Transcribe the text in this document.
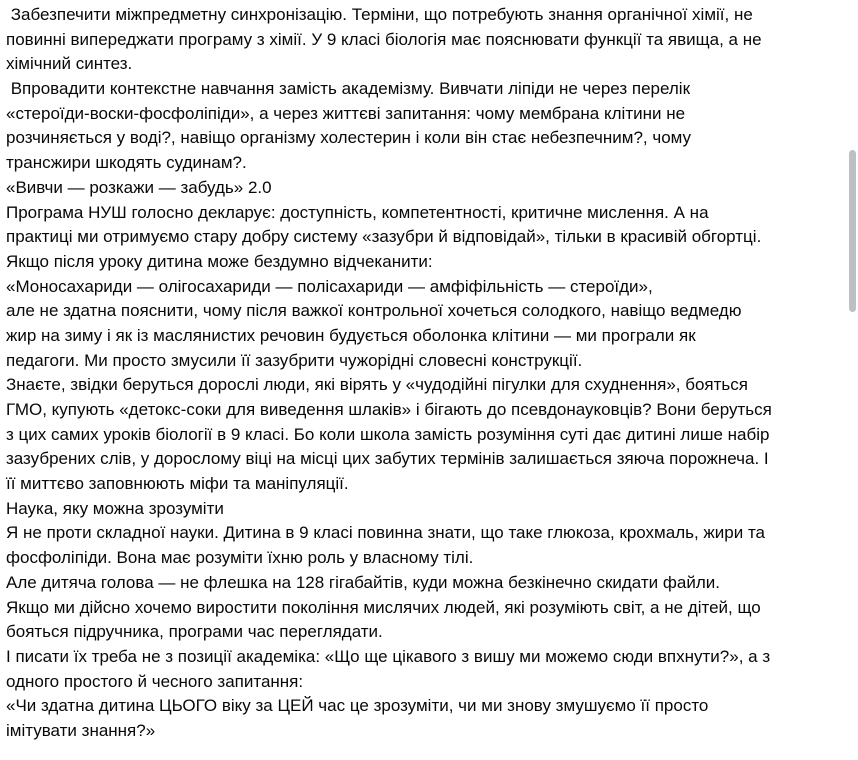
Забезпечити міжпредметну синхронізацію. Терміни, що потребують знання органічної хімії, не
повинні випереджати програму з хімії. У 9 класі біологія має пояснювати функції та явища, а не
хімічний синтез.
Впровадити контекстне навчання замість академізму. Вивчати ліпіди не через перелік
«стероїди-воски-фосфоліпіди», а через життєві запитання: чому мембрана клітини не
розчиняється у воді?, навіщо організму холестерин і коли він стає небезпечним?, чому
трансжири шкодять судинам?.
«Вивчи — розкажи — забудь» 2.0
Програма НУШ голосно декларує: доступність, компетентності, критичне мислення. А на
практиці ми отримуємо стару добру систему «зазубри й відповідай», тільки в красивій обгортці.
Якщо після уроку дитина може бездумно відчеканити:
«Моносахариди — олігосахариди — полісахариди — амфіфільність — стероїди»,
але не здатна пояснити, чому після важкої контрольної хочеться солодкого, навіщо ведмедю
жир на зиму і як із маслянистих речовин будується оболонка клітини — ми програли як
педагоги. Ми просто змусили її зазубрити чужорідні словесні конструкції.
Знаєте, звідки беруться дорослі люди, які вірять у «чудодійні пігулки для схуднення», бояться
ГМО, купують «детокс-соки для виведення шлаків» і бігають до псевдонауковців? Вони беруться
з цих самих уроків біології в 9 класі. Бо коли школа замість розуміння суті дає дитині лише набір
зазубрених слів, у дорослому віці на місці цих забутих термінів залишається зяюча порожнеча. І
її миттєво заповнюють міфи та маніпуляції.
Наука, яку можна зрозуміти
Я не проти складної науки. Дитина в 9 класі повинна знати, що таке глюкоза, крохмаль, жири та
фосфоліпіди. Вона має розуміти їхню роль у власному тілі.
Але дитяча голова — не флешка на 128 гігабайтів, куди можна безкінечно скидати файли.
Якщо ми дійсно хочемо виростити покоління мислячих людей, які розуміють світ, а не дітей, що
бояться підручника, програми час переглядати.
І писати їх треба не з позиції академіка: «Що ще цікавого з вишу ми можемо сюди впхнути?», а з
одного простого й чесного запитання:
«Чи здатна дитина ЦЬОГО віку за ЦЕЙ час це зрозуміти, чи ми знову змушуємо її просто
імітувати знання?»
